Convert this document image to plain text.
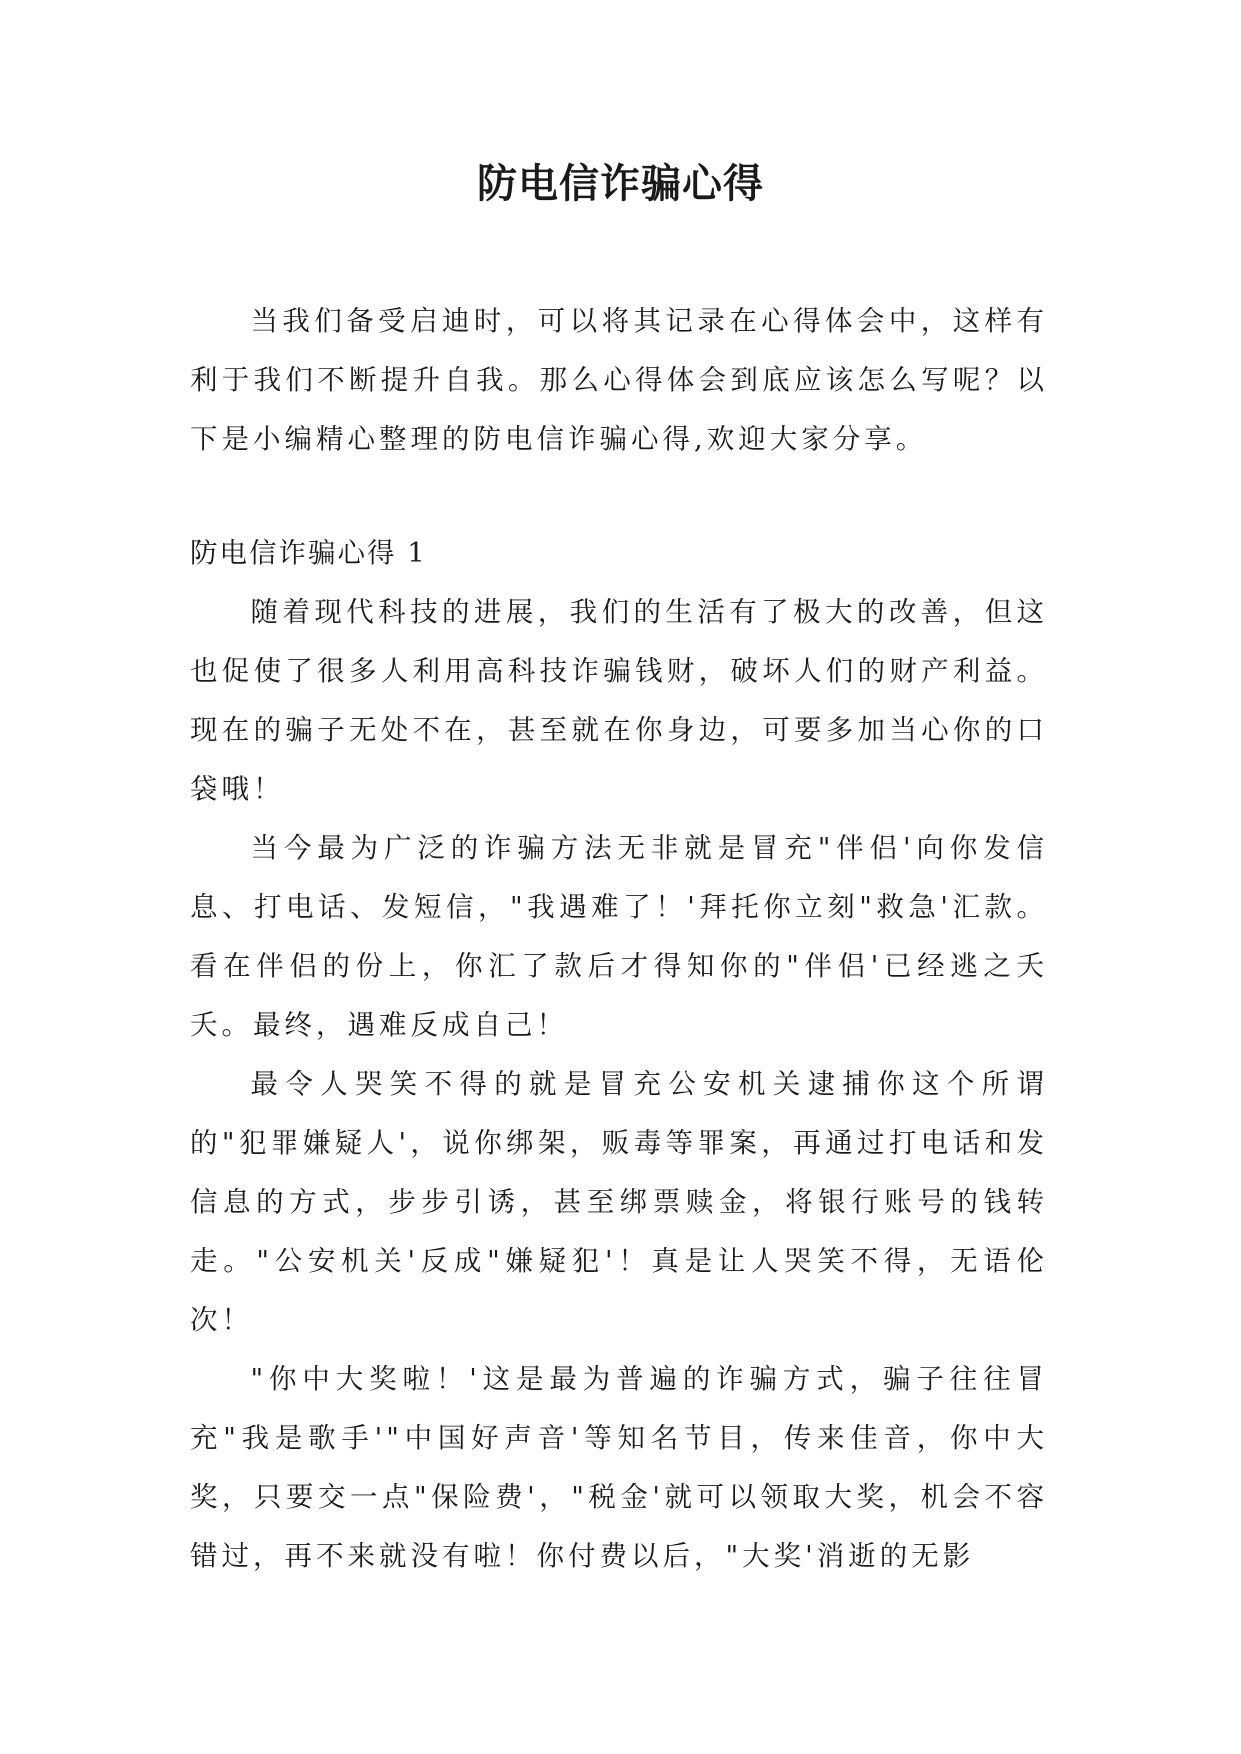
防电信诈骗心得

当我们备受启迪时，可以将其记录在心得体会中，这样有利于我们不断提升自我。那么心得体会到底应该怎么写呢？以下是小编精心整理的防电信诈骗心得,欢迎大家分享。

防电信诈骗心得 1

随着现代科技的进展，我们的生活有了极大的改善，但这也促使了很多人利用高科技诈骗钱财，破坏人们的财产利益。现在的骗子无处不在，甚至就在你身边，可要多加当心你的口袋哦！

当今最为广泛的诈骗方法无非就是冒充"伴侣'向你发信息、打电话、发短信，"我遇难了！'拜托你立刻"救急'汇款。看在伴侣的份上，你汇了款后才得知你的"伴侣'已经逃之夭夭。最终，遇难反成自己！

最令人哭笑不得的就是冒充公安机关逮捕你这个所谓的"犯罪嫌疑人'，说你绑架，贩毒等罪案，再通过打电话和发信息的方式，步步引诱，甚至绑票赎金，将银行账号的钱转走。"公安机关'反成"嫌疑犯'！真是让人哭笑不得，无语伦次！

"你中大奖啦！'这是最为普遍的诈骗方式，骗子往往冒充"我是歌手'"中国好声音'等知名节目，传来佳音，你中大奖，只要交一点"保险费'，"税金'就可以领取大奖，机会不容错过，再不来就没有啦！你付费以后，"大奖'消逝的无影
